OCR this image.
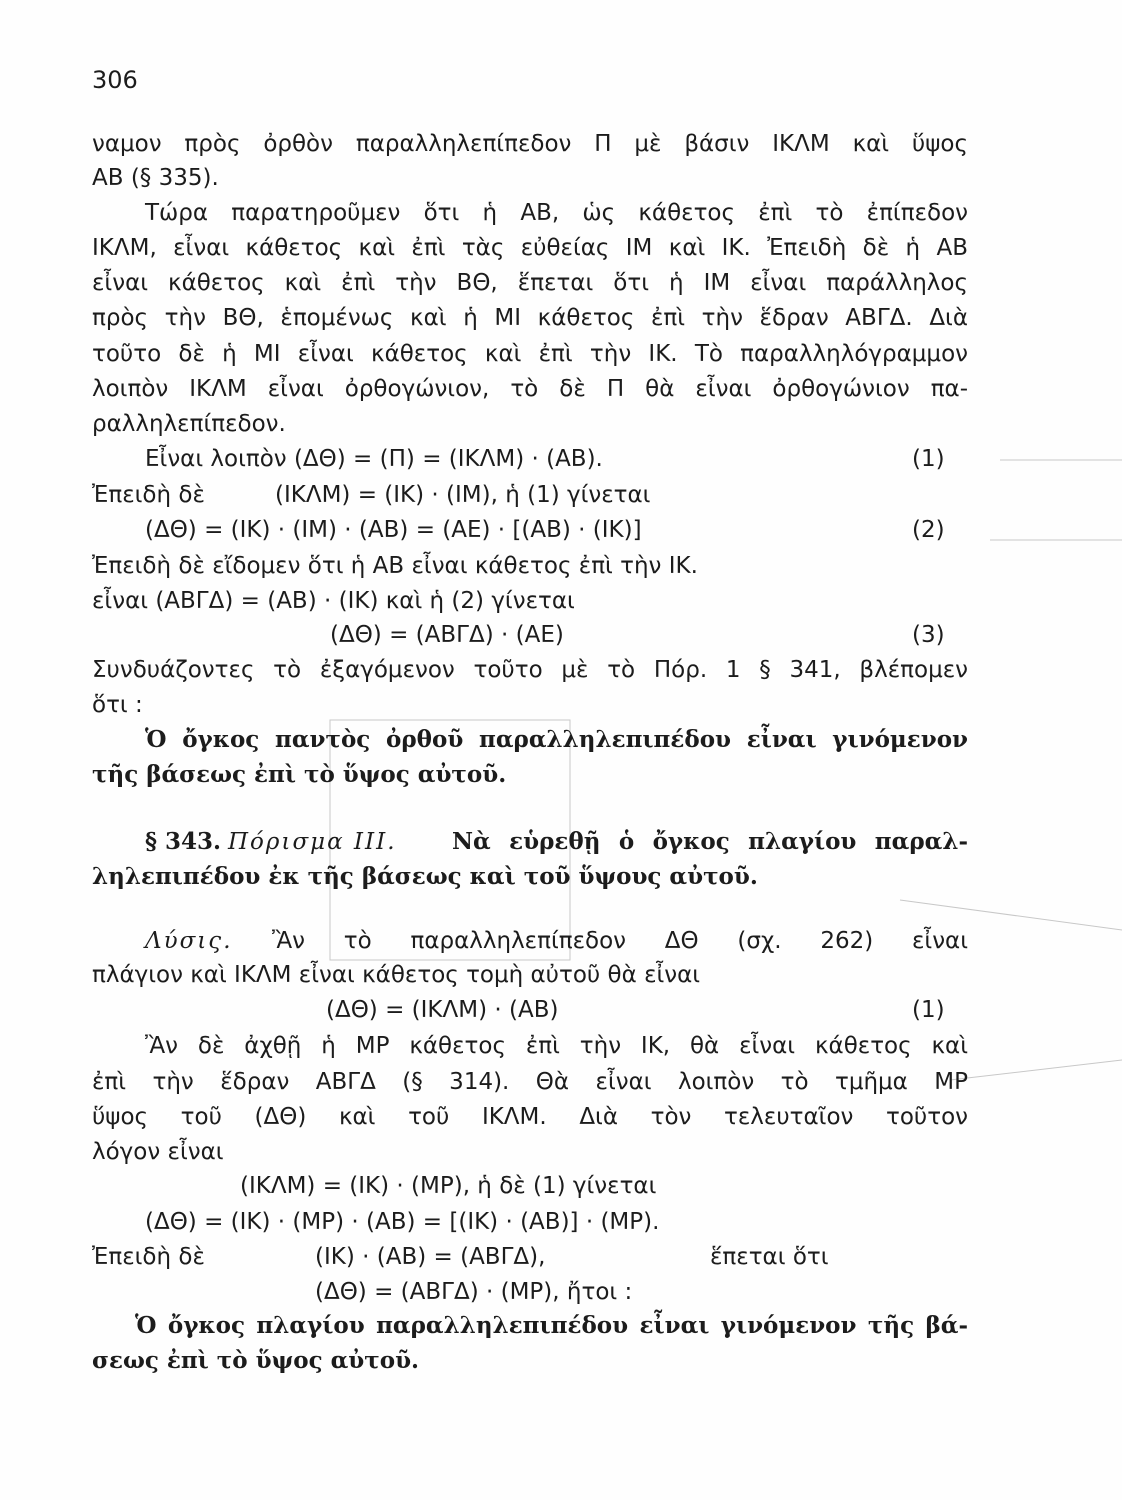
306
ναμον πρὸς ὀρθὸν παραλληλεπίπεδον Π μὲ βάσιν ΙΚΛΜ καὶ ὕψος
ΑΒ (§ 335).
Τώρα παρατηροῦμεν ὅτι ἡ ΑΒ, ὡς κάθετος ἐπὶ τὸ ἐπίπεδον
ΙΚΛΜ, εἶναι κάθετος καὶ ἐπὶ τὰς εὐθείας ΙΜ καὶ ΙΚ. Ἐπειδὴ δὲ ἡ ΑΒ
εἶναι κάθετος καὶ ἐπὶ τὴν ΒΘ, ἕπεται ὅτι ἡ ΙΜ εἶναι παράλληλος
πρὸς τὴν ΒΘ, ἑπομένως καὶ ἡ ΜΙ κάθετος ἐπὶ τὴν ἕδραν ΑΒΓΔ. Διὰ
τοῦτο δὲ ἡ ΜΙ εἶναι κάθετος καὶ ἐπὶ τὴν ΙΚ. Τὸ παραλληλόγραμμον
λοιπὸν ΙΚΛΜ εἶναι ὀρθογώνιον, τὸ δὲ Π θὰ εἶναι ὀρθογώνιον πα-
ραλληλεπίπεδον.
Εἶναι λοιπὸν (ΔΘ) = (Π) = (ΙΚΛΜ) · (ΑΒ).	(1)
Ἐπειδὴ δὲ	(ΙΚΛΜ) = (ΙΚ) · (ΙΜ), ἡ (1) γίνεται
(ΔΘ) = (ΙΚ) · (ΙΜ) · (ΑΒ) = (ΑΕ) · [(ΑΒ) · (ΙΚ)]	(2)
Ἐπειδὴ δὲ εἴδομεν ὅτι ἡ ΑΒ εἶναι κάθετος ἐπὶ τὴν ΙΚ.
εἶναι (ΑΒΓΔ) = (ΑΒ) · (ΙΚ) καὶ ἡ (2) γίνεται
(ΔΘ) = (ΑΒΓΔ) · (ΑΕ)	(3)
Συνδυάζοντες τὸ ἐξαγόμενον τοῦτο μὲ τὸ Πόρ. 1 § 341, βλέπομεν
ὅτι :
Ὁ ὄγκος παντὸς ὀρθοῦ παραλληλεπιπέδου εἶναι γινόμενον
τῆς βάσεως ἐπὶ τὸ ὕψος αὐτοῦ.
§ 343. Πόρισμα ΙΙΙ. Νὰ εὑρεθῇ ὁ ὄγκος πλαγίου παραλ-
ληλεπιπέδου ἐκ τῆς βάσεως καὶ τοῦ ὕψους αὐτοῦ.
Λύσις. Ἂν τὸ παραλληλεπίπεδον ΔΘ (σχ. 262) εἶναι
πλάγιον καὶ ΙΚΛΜ εἶναι κάθετος τομὴ αὐτοῦ θὰ εἶναι
(ΔΘ) = (ΙΚΛΜ) · (ΑΒ)	(1)
Ἂν δὲ ἀχθῇ ἡ ΜΡ κάθετος ἐπὶ τὴν ΙΚ, θὰ εἶναι κάθετος καὶ
ἐπὶ τὴν ἕδραν ΑΒΓΔ (§ 314). Θὰ εἶναι λοιπὸν τὸ τμῆμα ΜΡ
ὕψος τοῦ (ΔΘ) καὶ τοῦ ΙΚΛΜ. Διὰ τὸν τελευταῖον τοῦτον
λόγον εἶναι
(ΙΚΛΜ) = (ΙΚ) · (ΜΡ), ἡ δὲ (1) γίνεται
(ΔΘ) = (ΙΚ) · (ΜΡ) · (ΑΒ) = [(ΙΚ) · (ΑΒ)] · (ΜΡ).
Ἐπειδὴ δὲ	(ΙΚ) · (ΑΒ) = (ΑΒΓΔ),	ἕπεται ὅτι
(ΔΘ) = (ΑΒΓΔ) · (ΜΡ), ἤτοι :
Ὁ ὄγκος πλαγίου παραλληλεπιπέδου εἶναι γινόμενον τῆς βά-
σεως ἐπὶ τὸ ὕψος αὐτοῦ.
